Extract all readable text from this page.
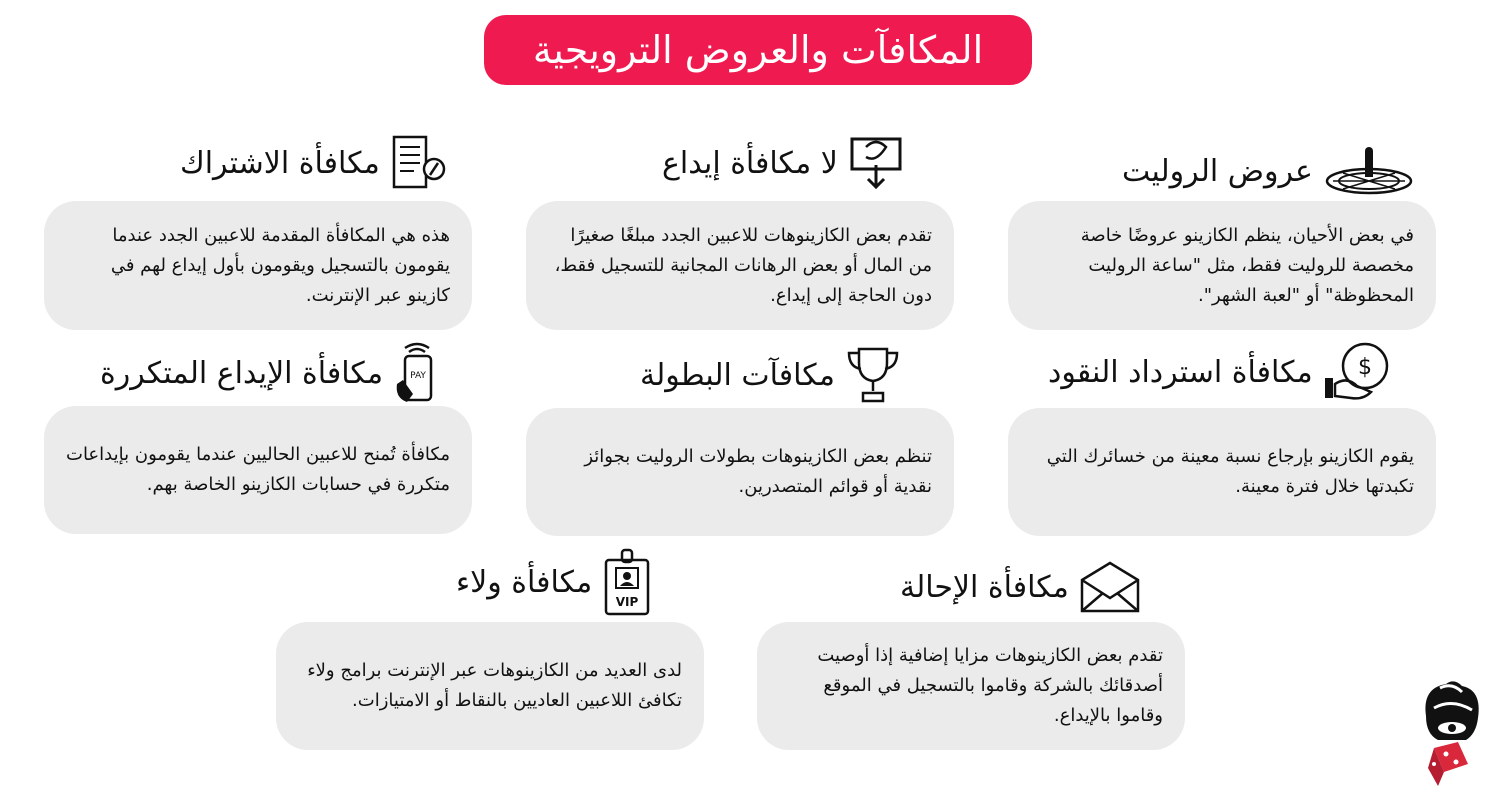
المكافآت والعروض الترويجية
عروض الروليت

في بعض الأحيان، ينظم الكازينو عروضًا خاصة مخصصة للروليت فقط، مثل "ساعة الروليت المحظوظة" أو "لعبة الشهر".

لا مكافأة إيداع

تقدم بعض الكازينوهات للاعبين الجدد مبلغًا صغيرًا من المال أو بعض الرهانات المجانية للتسجيل فقط، دون الحاجة إلى إيداع.

مكافأة الاشتراك

هذه هي المكافأة المقدمة للاعبين الجدد عندما يقومون بالتسجيل ويقومون بأول إيداع لهم في كازينو عبر الإنترنت.

$
مكافأة استرداد النقود

يقوم الكازينو بإرجاع نسبة معينة من خسائرك التي تكبدتها خلال فترة معينة.

مكافآت البطولة

تنظم بعض الكازينوهات بطولات الروليت بجوائز نقدية أو قوائم المتصدرين.

PAY
مكافأة الإيداع المتكررة

مكافأة تُمنح للاعبين الحاليين عندما يقومون بإيداعات متكررة في حسابات الكازينو الخاصة بهم.

مكافأة الإحالة

تقدم بعض الكازينوهات مزايا إضافية إذا أوصيت أصدقائك بالشركة وقاموا بالتسجيل في الموقع وقاموا بالإيداع.

VIP
مكافأة ولاء

لدى العديد من الكازينوهات عبر الإنترنت برامج ولاء تكافئ اللاعبين العاديين بالنقاط أو الامتيازات.
